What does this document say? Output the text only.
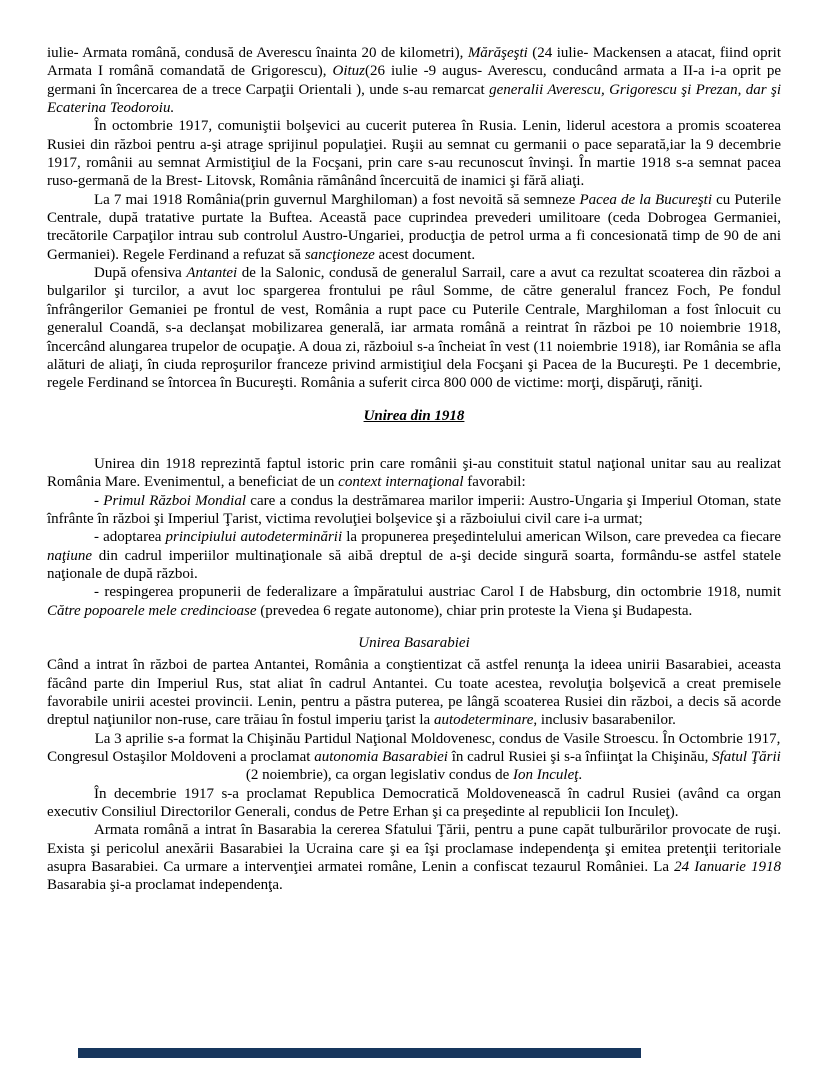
iulie- Armata română, condusă de Averescu înainta 20 de kilometri), Mărăşeşti (24 iulie- Mackensen a atacat, fiind oprit Armata I română comandată de Grigorescu), Oituz(26 iulie -9 augus- Averescu, conducând armata a II-a i-a oprit pe germani în încercarea de a trece Carpaţii Orientali ), unde s-au remarcat generalii Averescu, Grigorescu şi Prezan, dar şi Ecaterina Teodoroiu.
În octombrie 1917, comuniştii bolşevici au cucerit puterea în Rusia. Lenin, liderul acestora a promis scoaterea Rusiei din război pentru a-şi atrage sprijinul populaţiei. Ruşii au semnat cu germanii o pace separată,iar la 9 decembrie 1917, românii au semnat Armistiţiul de la Focşani, prin care s-au recunoscut învinşi. În martie 1918 s-a semnat pacea ruso-germană de la Brest- Litovsk, România rămânând încercuită de inamici şi fără aliaţi.
La 7 mai 1918 România(prin guvernul Marghiloman) a fost nevoită să semneze Pacea de la Bucureşti cu Puterile Centrale, după tratative purtate la Buftea. Această pace cuprindea prevederi umilitoare (ceda Dobrogea Germaniei, trecătorile Carpaţilor intrau sub controlul Austro-Ungariei, producţia de petrol urma a fi concesionată timp de 90 de ani Germaniei). Regele Ferdinand a refuzat să sancţioneze acest document.
După ofensiva Antantei de la Salonic, condusă de generalul Sarrail, care a avut ca rezultat scoaterea din război a bulgarilor şi turcilor, a avut loc spargerea frontului pe râul Somme, de către generalul francez Foch, Pe fondul înfrângerilor Gemaniei pe frontul de vest, România a rupt pace cu Puterile Centrale, Marghiloman a fost înlocuit cu generalul Coandă, s-a declanşat mobilizarea generală, iar armata română a reintrat în război pe 10 noiembrie 1918, încercând alungarea trupelor de ocupaţie. A doua zi, războiul s-a încheiat în vest (11 noiembrie 1918), iar România se afla alături de aliaţi, în ciuda reproşurilor franceze privind armistiţiul dela Focşani şi Pacea de la Bucureşti. Pe 1 decembrie, regele Ferdinand se întorcea în Bucureşti. România a suferit circa 800 000 de victime: morţi, dispăruţi, răniţi.
Unirea din 1918
Unirea din 1918 reprezintă faptul istoric prin care românii şi-au constituit statul naţional unitar sau au realizat România Mare. Evenimentul, a beneficiat de un context internaţional favorabil:
- Primul Război Mondial care a condus la destrămarea marilor imperii: Austro-Ungaria şi Imperiul Otoman, state înfrânte în război şi Imperiul Ţarist, victima revoluţiei bolşevice şi a războiului civil care i-a urmat;
- adoptarea principiului autodeterminării la propunerea preşedintelului american Wilson, care prevedea ca fiecare naţiune din cadrul imperiilor multinaţionale să aibă dreptul de a-şi decide singură soarta, formându-se astfel statele naţionale de după război.
- respingerea propunerii de federalizare a împăratului austriac Carol I de Habsburg, din octombrie 1918, numit Către popoarele mele credincioase (prevedea 6 regate autonome), chiar prin proteste la Viena şi Budapesta.
Unirea Basarabiei
Când a intrat în război de partea Antantei, România a conştientizat că astfel renunţa la ideea unirii Basarabiei, aceasta făcând parte din Imperiul Rus, stat aliat în cadrul Antantei. Cu toate acestea, revoluţia bolşevică a creat premisele favorabile unirii acestei provincii. Lenin, pentru a păstra puterea, pe lângă scoaterea Rusiei din război, a decis să acorde dreptul naţiunilor non-ruse, care trăiau în fostul imperiu ţarist la autodeterminare, inclusiv basarabenilor.
La 3 aprilie s-a format la Chişinău Partidul Naţional Moldovenesc, condus de Vasile Stroescu. În Octombrie 1917, Congresul Ostaşilor Moldoveni a proclamat autonomia Basarabiei în cadrul Rusiei şi s-a înfiinţat la Chişinău, Sfatul Ţării (2 noiembrie), ca organ legislativ condus de Ion Inculeţ.
În decembrie 1917 s-a proclamat Republica Democratică Moldovenească în cadrul Rusiei (având ca organ executiv Consiliul Directorilor Generali, condus de Petre Erhan şi ca preşedinte al republicii Ion Inculeţ).
Armata română a intrat în Basarabia la cererea Sfatului Ţării, pentru a pune capăt tulburărilor provocate de ruşi. Exista şi pericolul anexării Basarabiei la Ucraina care şi ea îşi proclamase independenţa şi emitea pretenţii teritoriale asupra Basarabiei. Ca urmare a intervenţiei armatei române, Lenin a confiscat tezaurul României. La 24 Ianuarie 1918 Basarabia şi-a proclamat independenţa.
